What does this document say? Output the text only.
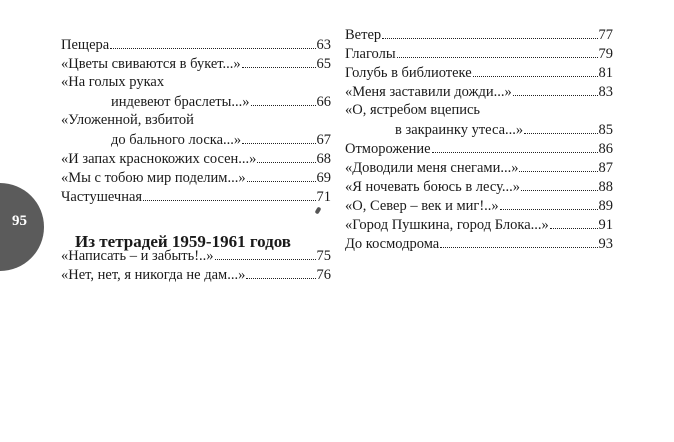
95
Пещера	63
«Цветы свиваются в букет...»	65
«На голых руках
индевеют браслеты...»	66
«Уложенной, взбитой
до бального лоска...»	67
«И запах краснокожих сосен...»	68
«Мы с тобою мир поделим...»	69
Частушечная	71
Из тетрадей 1959-1961 годов
«Написать – и забыть!..»	75
«Нет, нет, я никогда не дам...»	76
Ветер	77
Глаголы	79
Голубь в библиотеке	81
«Меня заставили дожди...»	83
«О, ястребом вцепись
в закраинку утеса...»	85
Отморожение	86
«Доводили меня снегами...»	87
«Я ночевать боюсь в лесу...»	88
«О, Север – век и миг!..»	89
«Город Пушкина, город Блока...»	91
До космодрома	93
